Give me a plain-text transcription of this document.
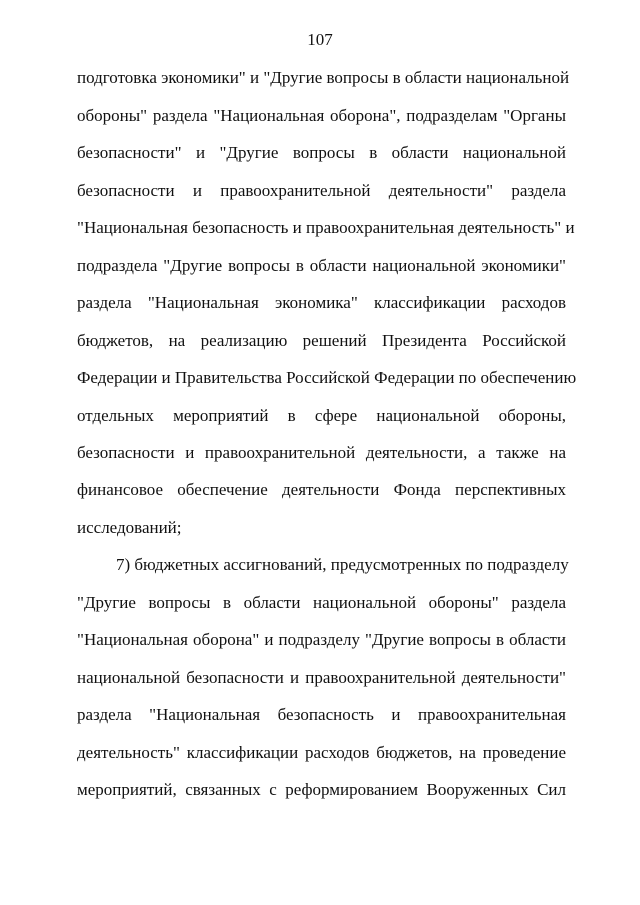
107
подготовка экономики" и "Другие вопросы в области национальной
обороны" раздела "Национальная оборона", подразделам "Органы
безопасности" и "Другие вопросы в области национальной
безопасности и правоохранительной деятельности" раздела
"Национальная безопасность и правоохранительная деятельность" и
подраздела "Другие вопросы в области национальной экономики"
раздела "Национальная экономика" классификации расходов
бюджетов, на реализацию решений Президента Российской
Федерации и Правительства Российской Федерации по обеспечению
отдельных мероприятий в сфере национальной обороны,
безопасности и правоохранительной деятельности, а также на
финансовое обеспечение деятельности Фонда перспективных
исследований;
7) бюджетных ассигнований, предусмотренных по подразделу
"Другие вопросы в области национальной обороны" раздела
"Национальная оборона" и подразделу "Другие вопросы в области
национальной безопасности и правоохранительной деятельности"
раздела "Национальная безопасность и правоохранительная
деятельность" классификации расходов бюджетов, на проведение
мероприятий, связанных с реформированием Вооруженных Сил
